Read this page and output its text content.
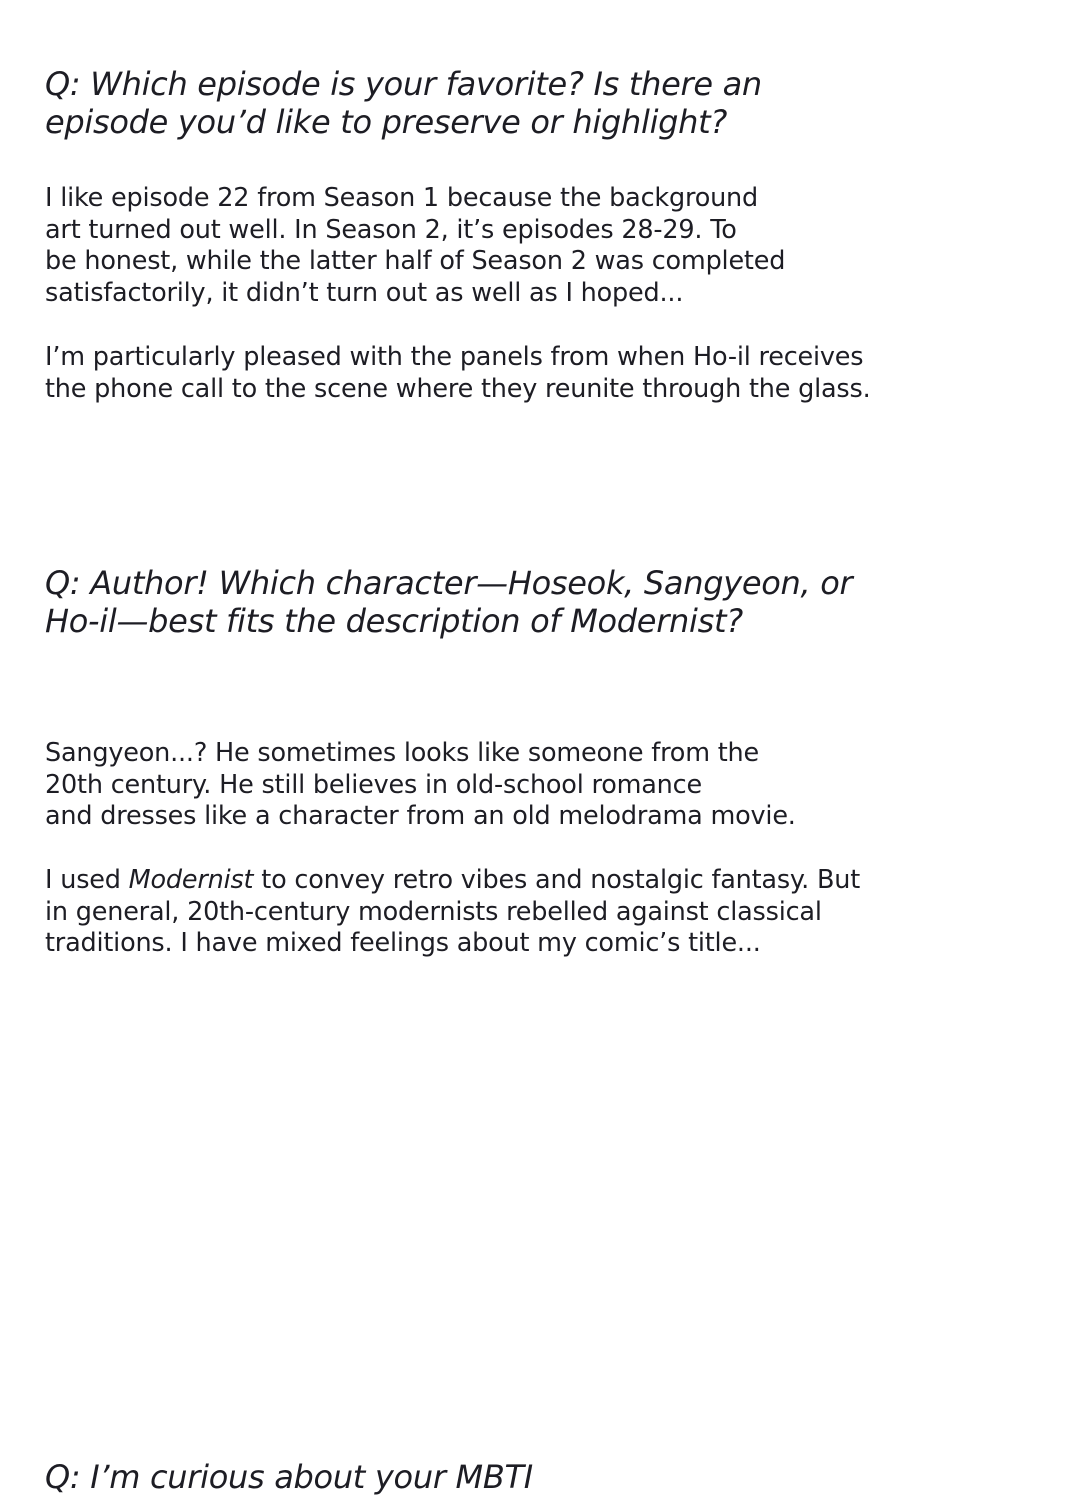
Q: Which episode is your favorite? Is there an
episode you’d like to preserve or highlight?

I like episode 22 from Season 1 because the background
art turned out well. In Season 2, it’s episodes 28-29. To
be honest, while the latter half of Season 2 was completed
satisfactorily, it didn’t turn out as well as I hoped...

I’m particularly pleased with the panels from when Ho-il receives
the phone call to the scene where they reunite through the glass.

Q: Author! Which character—Hoseok, Sangyeon, or
Ho-il—best fits the description of Modernist?

Sangyeon...? He sometimes looks like someone from the
20th century. He still believes in old-school romance
and dresses like a character from an old melodrama movie.

I used Modernist to convey retro vibes and nostalgic fantasy. But
in general, 20th-century modernists rebelled against classical
traditions. I have mixed feelings about my comic’s title...

Q: I’m curious about your MBTI
